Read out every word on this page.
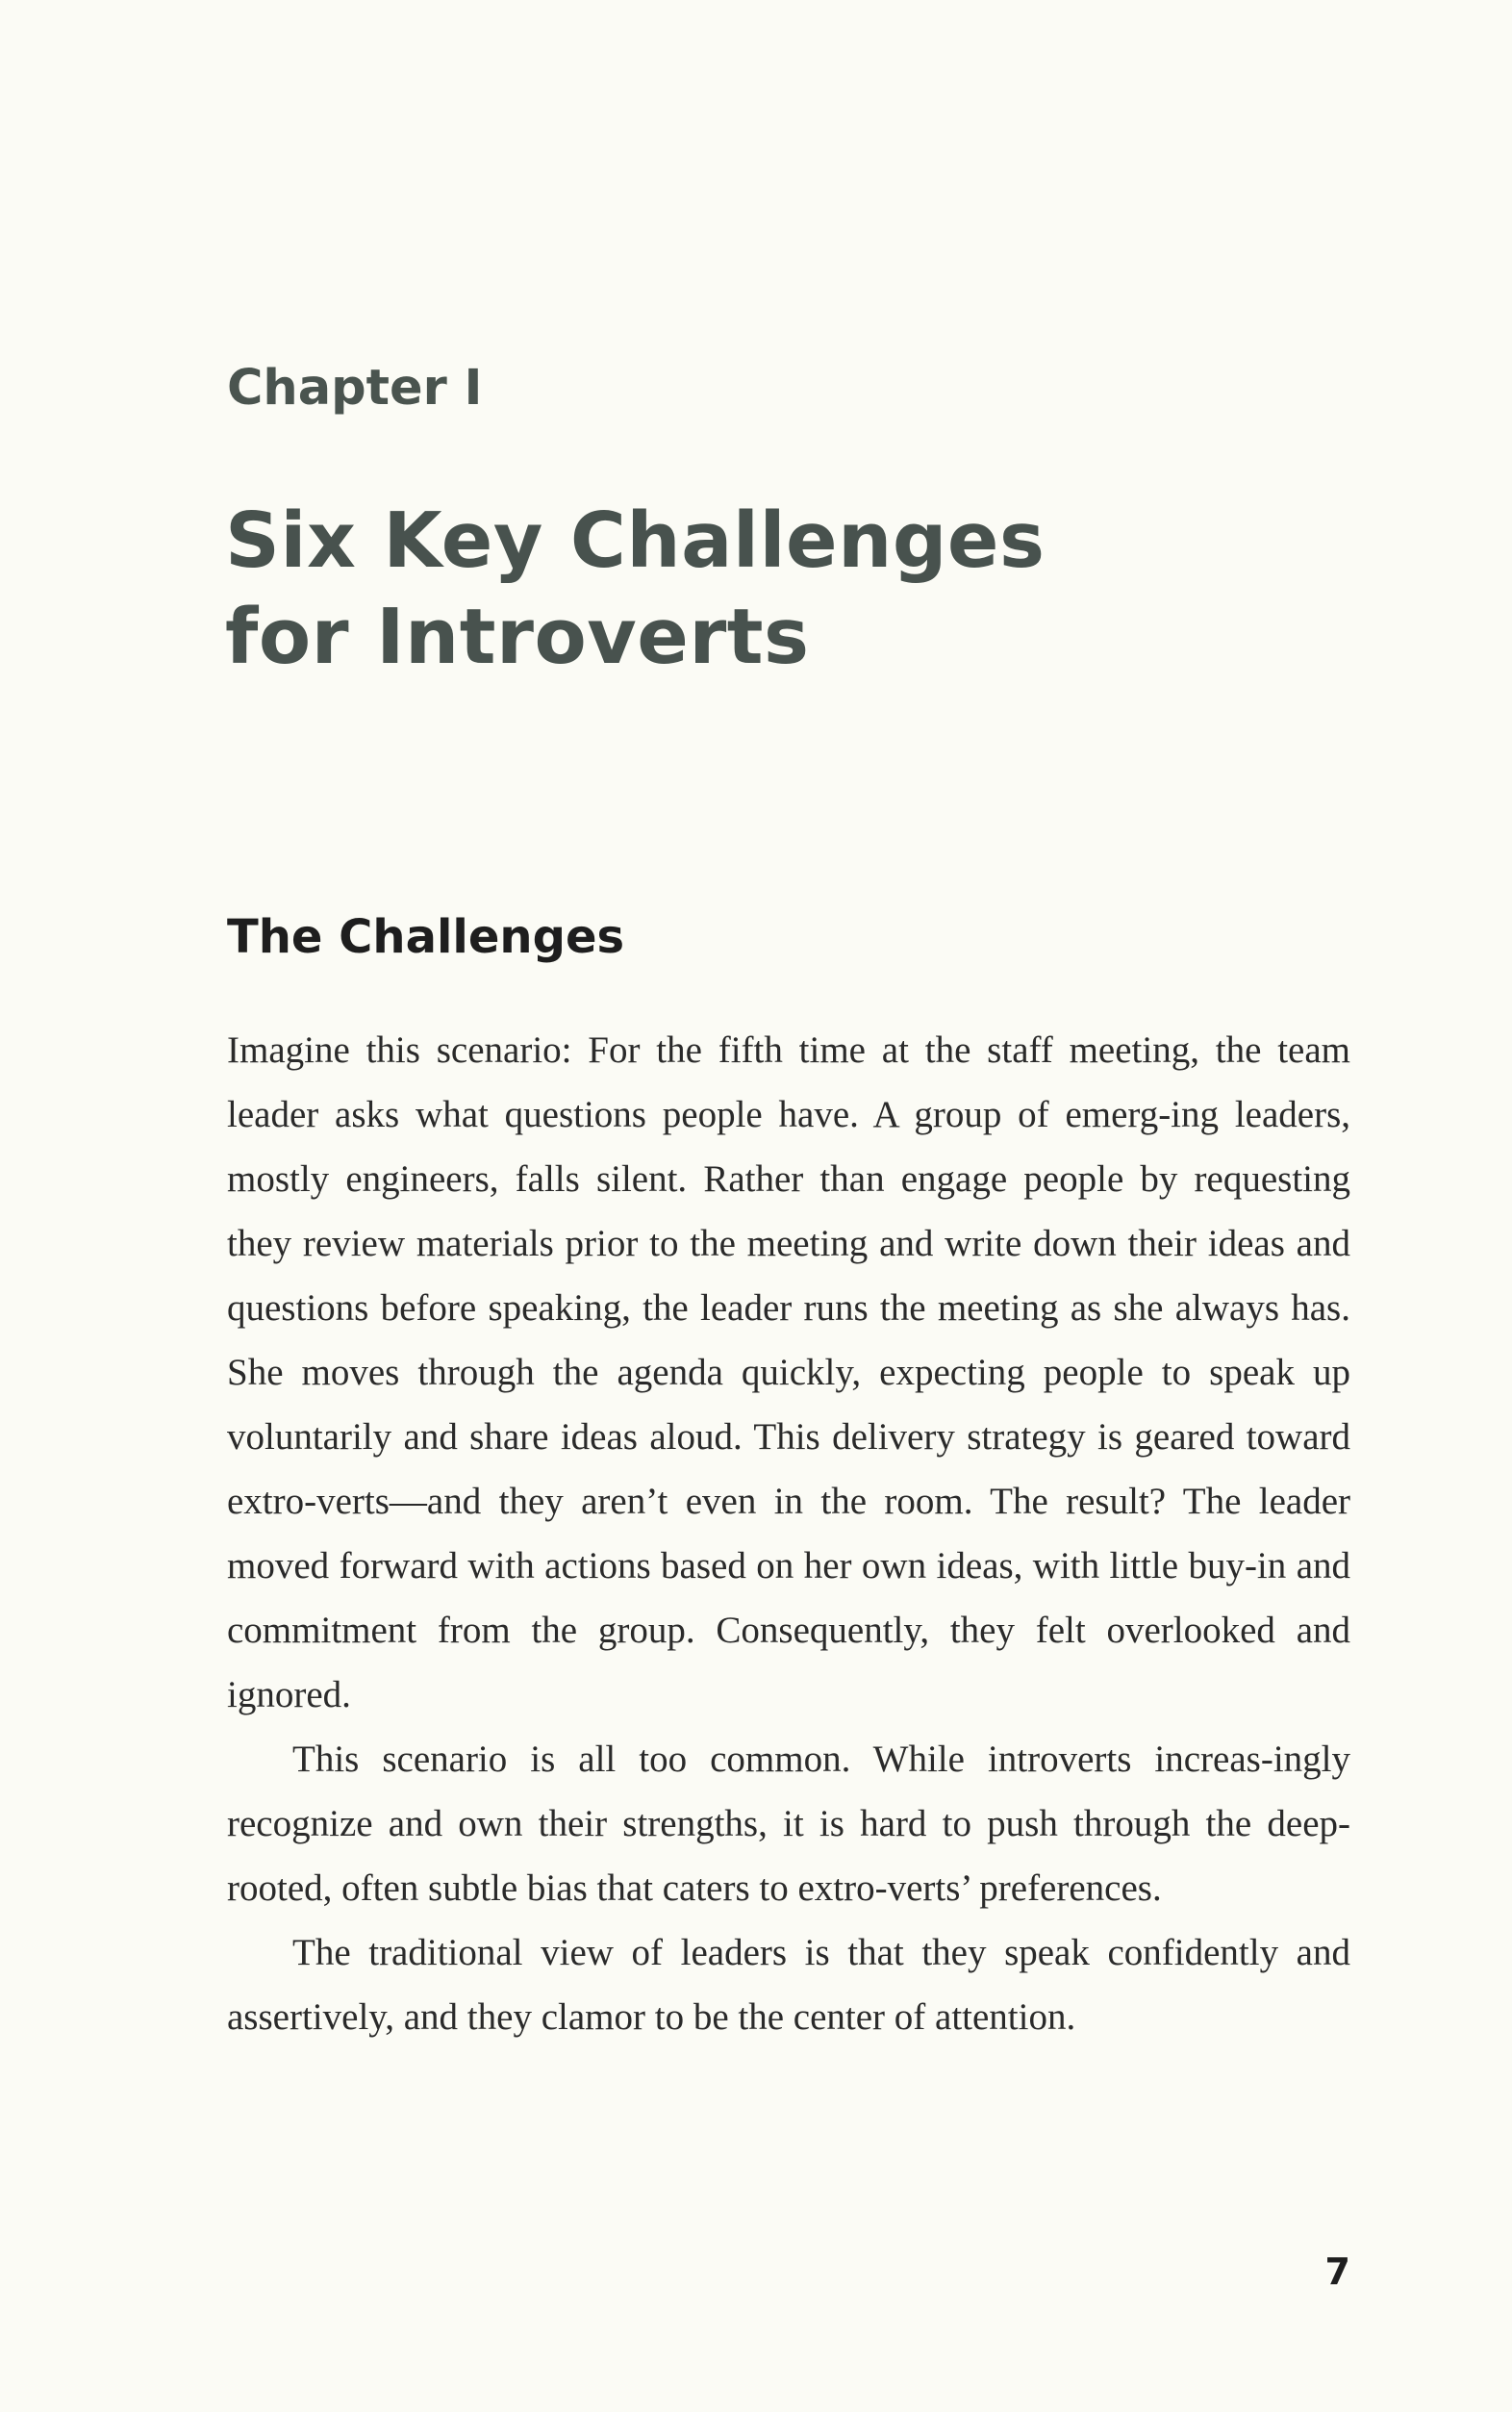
Chapter I
Six Key Challenges
for Introverts
The Challenges

Imagine this scenario: For the fifth time at the staff meeting, the team leader asks what questions people have. A group of emerg-ing leaders, mostly engineers, falls silent. Rather than engage people by requesting they review materials prior to the meeting and write down their ideas and questions before speaking, the leader runs the meeting as she always has. She moves through the agenda quickly, expecting people to speak up voluntarily and share ideas aloud. This delivery strategy is geared toward extro-verts—and they aren’t even in the room. The result? The leader moved forward with actions based on her own ideas, with little buy-in and commitment from the group. Consequently, they felt overlooked and ignored.

This scenario is all too common. While introverts increas-ingly recognize and own their strengths, it is hard to push through the deep-rooted, often subtle bias that caters to extro-verts’ preferences.

The traditional view of leaders is that they speak confidently and assertively, and they clamor to be the center of attention.

7
